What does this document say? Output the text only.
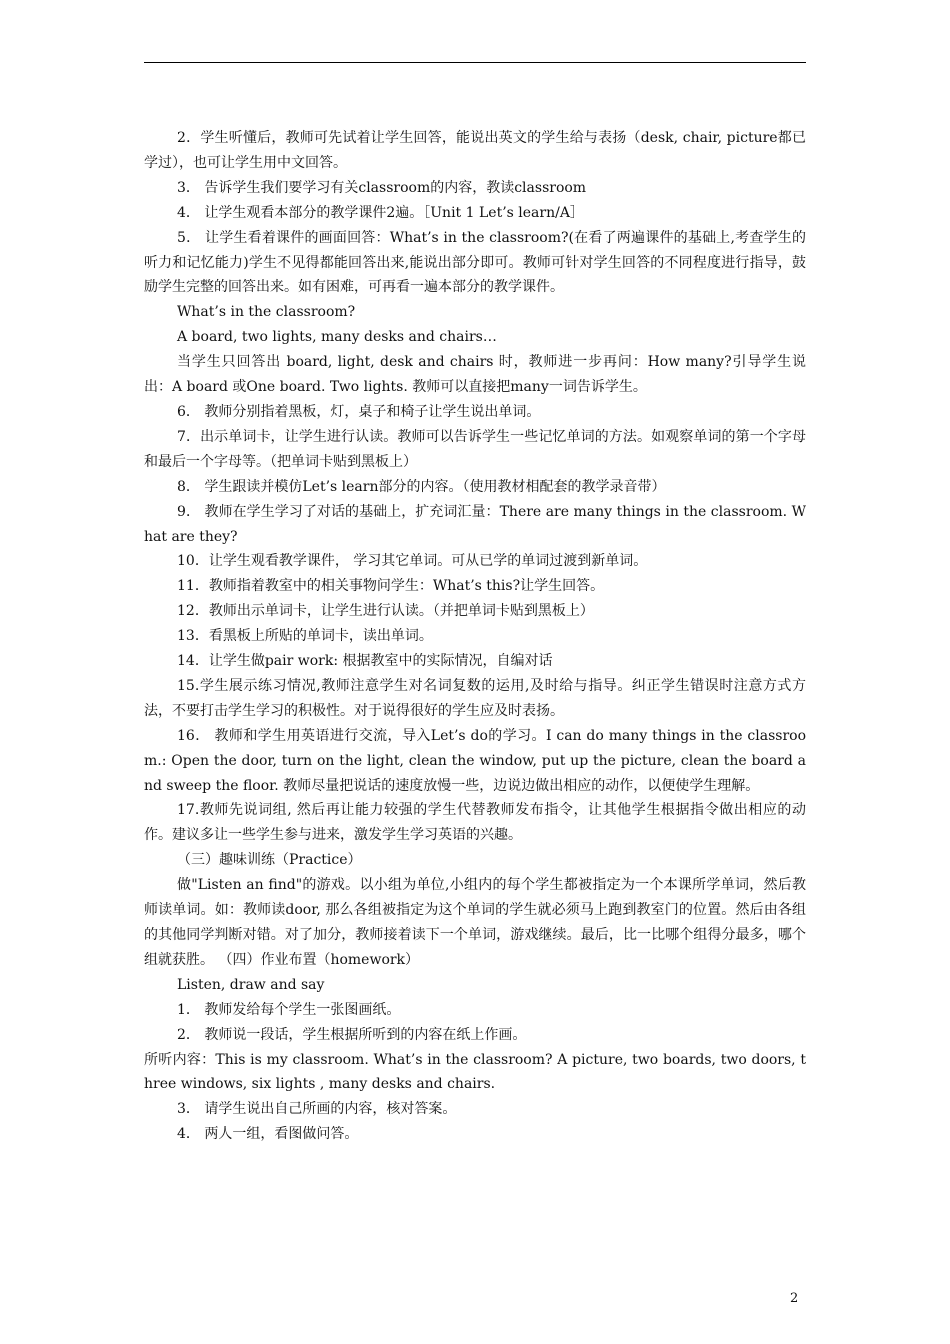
2．学生听懂后，教师可先试着让学生回答，能说出英文的学生给与表扬（desk, chair, picture都已学过），也可让学生用中文回答。

3． 告诉学生我们要学习有关classroom的内容，教读classroom

4． 让学生观看本部分的教学课件2遍。［Unit 1 Let’s learn/A］

5． 让学生看着课件的画面回答：What’s in the classroom?(在看了两遍课件的基础上,考查学生的听力和记忆能力)学生不见得都能回答出来,能说出部分即可。教师可针对学生回答的不同程度进行指导，鼓励学生完整的回答出来。如有困难，可再看一遍本部分的教学课件。

What’s in the classroom?

A board, two lights, many desks and chairs…

当学生只回答出 board, light, desk and chairs 时，教师进一步再问：How many?引导学生说出：A board 或One board. Two lights. 教师可以直接把many一词告诉学生。

6． 教师分别指着黑板，灯，桌子和椅子让学生说出单词。

7．出示单词卡，让学生进行认读。教师可以告诉学生一些记忆单词的方法。如观察单词的第一个字母和最后一个字母等。（把单词卡贴到黑板上）

8． 学生跟读并模仿Let’s learn部分的内容。（使用教材相配套的教学录音带）

9． 教师在学生学习了对话的基础上，扩充词汇量：There are many things in the classroom. What are they?

10．让学生观看教学课件， 学习其它单词。可从已学的单词过渡到新单词。

11．教师指着教室中的相关事物问学生：What’s this?让学生回答。

12．教师出示单词卡，让学生进行认读。（并把单词卡贴到黑板上）

13．看黑板上所贴的单词卡，读出单词。

14．让学生做pair work: 根据教室中的实际情况，自编对话

15.学生展示练习情况,教师注意学生对名词复数的运用,及时给与指导。纠正学生错误时注意方式方法，不要打击学生学习的积极性。对于说得很好的学生应及时表扬。

16． 教师和学生用英语进行交流，导入Let’s do的学习。I can do many things in the classroom.: Open the door, turn on the light, clean the window, put up the picture, clean the board and sweep the floor. 教师尽量把说话的速度放慢一些，边说边做出相应的动作，以便使学生理解。

17.教师先说词组, 然后再让能力较强的学生代替教师发布指令，让其他学生根据指令做出相应的动作。建议多让一些学生参与进来，激发学生学习英语的兴趣。

（三）趣味训练（Practice）

做"Listen an find"的游戏。以小组为单位,小组内的每个学生都被指定为一个本课所学单词，然后教师读单词。如：教师读door, 那么各组被指定为这个单词的学生就必须马上跑到教室门的位置。然后由各组的其他同学判断对错。对了加分，教师接着读下一个单词，游戏继续。最后，比一比哪个组得分最多，哪个组就获胜。 （四）作业布置（homework）

Listen, draw and say

1． 教师发给每个学生一张图画纸。

2． 教师说一段话，学生根据所听到的内容在纸上作画。

所听内容：This is my classroom. What’s in the classroom? A picture, two boards, two doors, three windows, six lights , many desks and chairs.

3． 请学生说出自己所画的内容，核对答案。

4． 两人一组，看图做问答。

2
